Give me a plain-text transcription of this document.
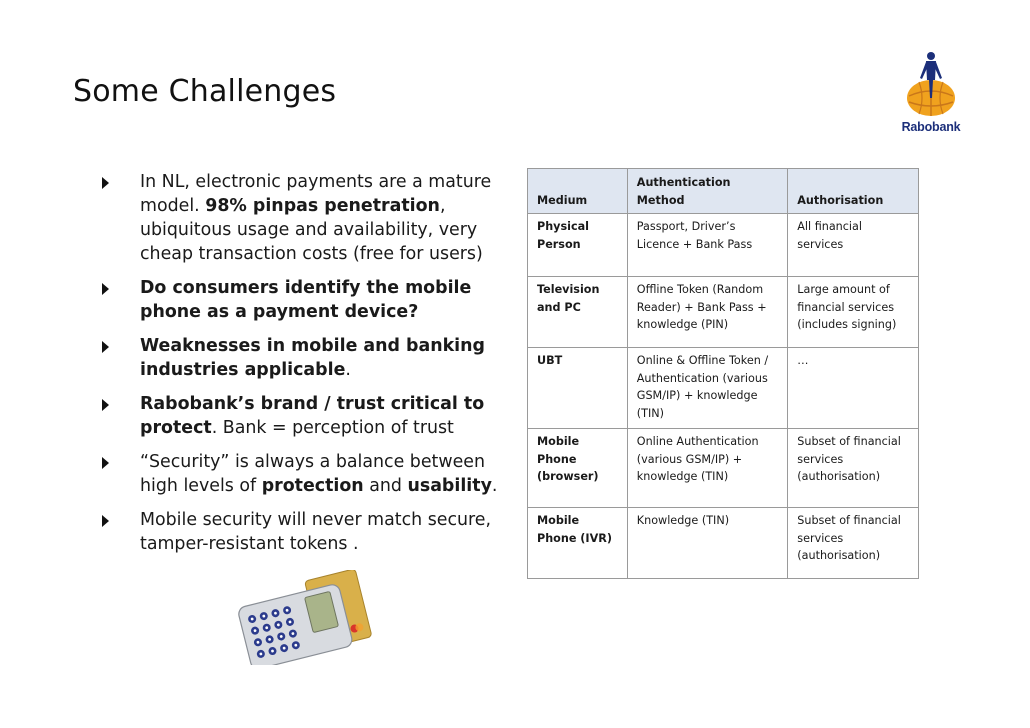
Some Challenges
Rabobank
In NL, electronic payments are a mature model. 98% pinpas penetration, ubiquitous usage and availability, very cheap transaction costs (free for users)
Do consumers identify the mobile phone as a payment device?
Weaknesses in mobile and banking industries applicable.
Rabobank’s brand / trust critical to protect. Bank = perception of trust
“Security” is always a balance between high levels of protection and usability.
Mobile security will never match secure, tamper-resistant tokens .
Medium	Authentication Method	Authorisation
Physical Person	Passport, Driver’s Licence + Bank Pass	All financial services
Television and PC	Offline Token (Random Reader) + Bank Pass + knowledge (PIN)	Large amount of financial services (includes signing)
UBT	Online & Offline Token / Authentication (various GSM/IP) + knowledge (TIN)	…
Mobile Phone (browser)	Online Authentication (various GSM/IP) + knowledge (TIN)	Subset of financial services (authorisation)
Mobile Phone (IVR)	Knowledge (TIN)	Subset of financial services (authorisation)
